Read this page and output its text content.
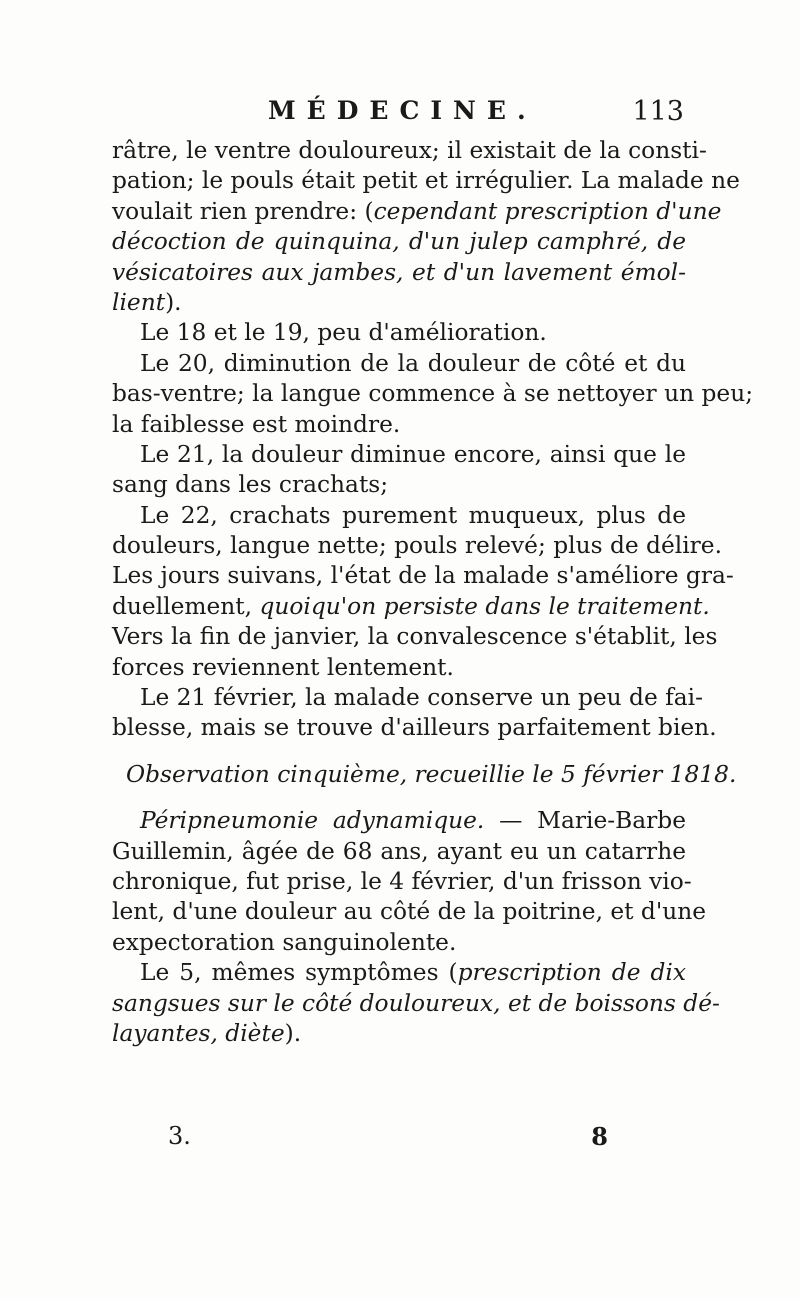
MÉDECINE.	113
râtre, le ventre douloureux; il existait de la consti-
pation; le pouls était petit et irrégulier. La malade ne
voulait rien prendre: (cependant prescription d'une
décoction de quinquina, d'un julep camphré, de
vésicatoires aux jambes, et d'un lavement émol-
lient).
Le 18 et le 19, peu d'amélioration.
Le 20, diminution de la douleur de côté et du
bas-ventre; la langue commence à se nettoyer un peu;
la faiblesse est moindre.
Le 21, la douleur diminue encore, ainsi que le
sang dans les crachats;
Le 22, crachats purement muqueux, plus de
douleurs, langue nette; pouls relevé; plus de délire.
Les jours suivans, l'état de la malade s'améliore gra-
duellement, quoiqu'on persiste dans le traitement.
Vers la fin de janvier, la convalescence s'établit, les
forces reviennent lentement.
Le 21 février, la malade conserve un peu de fai-
blesse, mais se trouve d'ailleurs parfaitement bien.
Observation cinquième, recueillie le 5 février 1818.
Péripneumonie adynamique. — Marie-Barbe
Guillemin, âgée de 68 ans, ayant eu un catarrhe
chronique, fut prise, le 4 février, d'un frisson vio-
lent, d'une douleur au côté de la poitrine, et d'une
expectoration sanguinolente.
Le 5, mêmes symptômes (prescription de dix
sangsues sur le côté douloureux, et de boissons dé-
layantes, diète).
3.	8
